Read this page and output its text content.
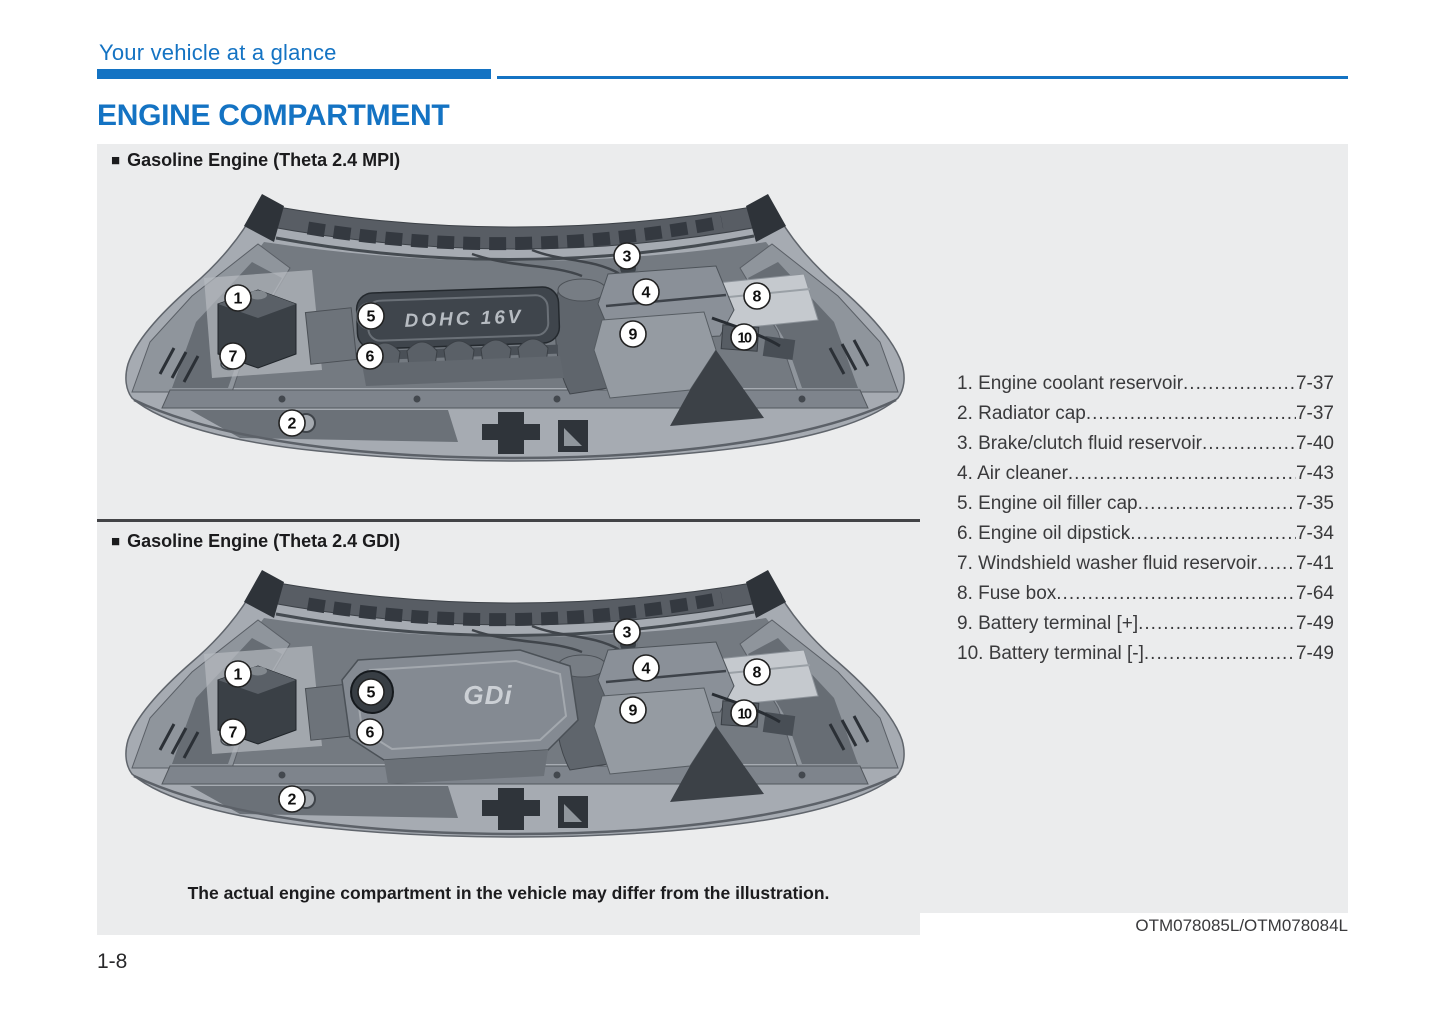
Your vehicle at a glance
ENGINE COMPARTMENT
■ Gasoline Engine (Theta 2.4 MPI)
DOHC 16V
■ Gasoline Engine (Theta 2.4 GDI)
GDi
1. Engine coolant reservoir .....	7-37
2. Radiator cap .....	7-37
3. Brake/clutch fluid reservoir .....	7-40
4. Air cleaner .....	7-43
5. Engine oil filler cap .....	7-35
6. Engine oil dipstick .....	7-34
7. Windshield washer fluid reservoir ..... 7-41
8. Fuse box .....	7-64
9. Battery terminal [+] .....	7-49
10. Battery terminal [-] .....	7-49
The actual engine compartment in the vehicle may differ from the illustration.
OTM078085L/OTM078084L
1-8
